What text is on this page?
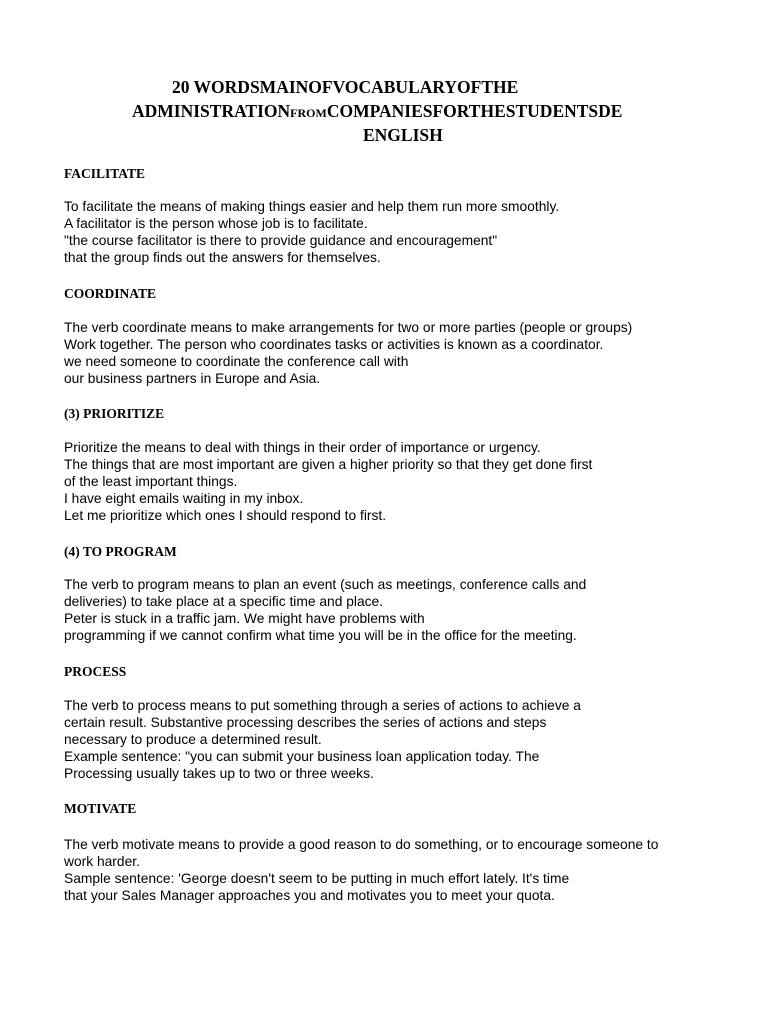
20 WORDSMAINOFVOCABULARYOFTHE
ADMINISTRATIONFROMCOMPANIESFORTHESTUDENTSDE
ENGLISH
FACILITATE
To facilitate the means of making things easier and help them run more smoothly.
A facilitator is the person whose job is to facilitate.
"the course facilitator is there to provide guidance and encouragement"
that the group finds out the answers for themselves.
COORDINATE
The verb coordinate means to make arrangements for two or more parties (people or groups)
Work together. The person who coordinates tasks or activities is known as a coordinator.
we need someone to coordinate the conference call with
our business partners in Europe and Asia.
(3) PRIORITIZE
Prioritize the means to deal with things in their order of importance or urgency.
The things that are most important are given a higher priority so that they get done first
of the least important things.
I have eight emails waiting in my inbox.
Let me prioritize which ones I should respond to first.
(4) TO PROGRAM
The verb to program means to plan an event (such as meetings, conference calls and
deliveries) to take place at a specific time and place.
Peter is stuck in a traffic jam. We might have problems with
programming if we cannot confirm what time you will be in the office for the meeting.
PROCESS
The verb to process means to put something through a series of actions to achieve a
certain result. Substantive processing describes the series of actions and steps
necessary to produce a determined result.
Example sentence: "you can submit your business loan application today. The
Processing usually takes up to two or three weeks.
MOTIVATE
The verb motivate means to provide a good reason to do something, or to encourage someone to
work harder.
Sample sentence: 'George doesn't seem to be putting in much effort lately. It's time
that your Sales Manager approaches you and motivates you to meet your quota.
